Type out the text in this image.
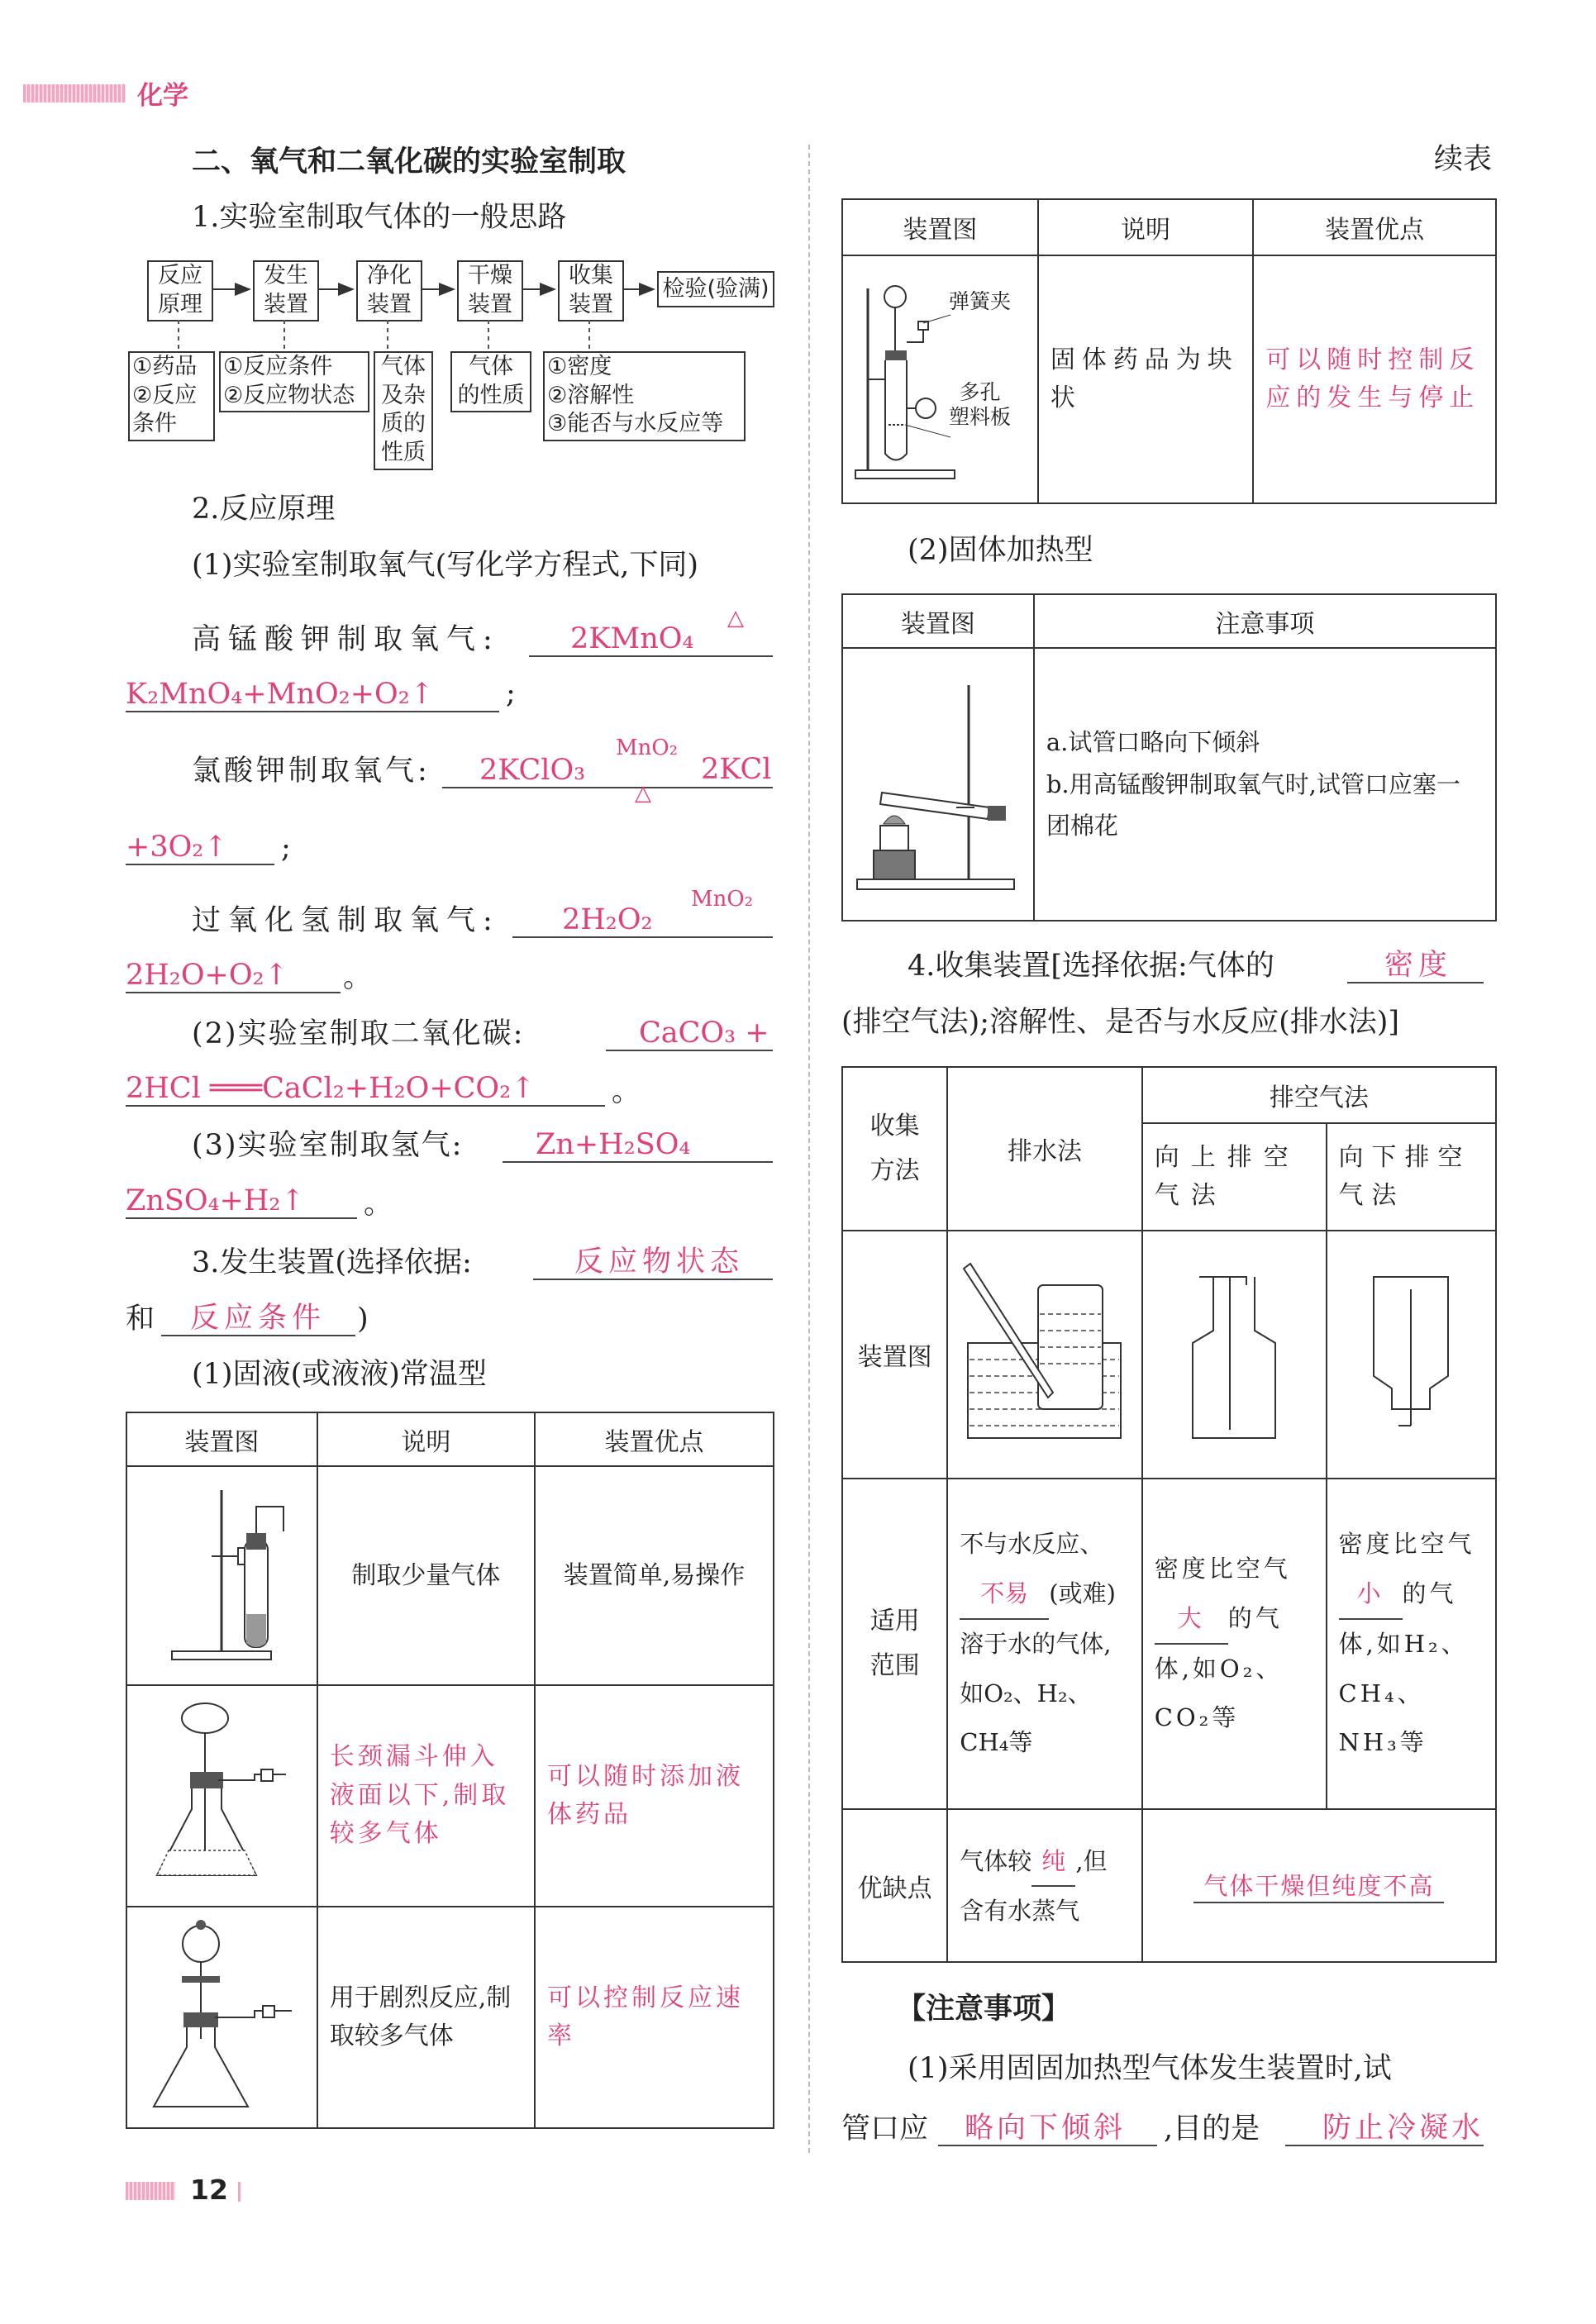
化学
二、氧气和二氧化碳的实验室制取
1.实验室制取气体的一般思路
反应
原理
发生
装置
净化
装置
干燥
装置
收集
装置
检验(验满)
①药品
②反应
条件
①反应条件
②反应物状态
气体
及杂
质的
性质
气体
的性质
①密度
②溶解性
③能否与水反应等
2.反应原理
(1)实验室制取氧气(写化学方程式,下同)
高锰酸钾制取氧气:	2KMnO₄
△
K₂MnO₄+MnO₂+O₂↑	;
氯酸钾制取氧气:	2KClO₃
MnO₂
△
2KCl
+3O₂↑	;
过氧化氢制取氧气:	2H₂O₂
MnO₂
2H₂O+O₂↑	。
(2)实验室制取二氧化碳:	CaCO₃ +
2HCl ═══CaCl₂+H₂O+CO₂↑	。
(3)实验室制取氢气:	Zn+H₂SO₄
ZnSO₄+H₂↑	。
3.发生装置(选择依据:	反应物状态
和	反应条件	)
(1)固液(或液液)常温型
装置图	说明	装置优点
	制取少量气体	装置简单,易操作
	长颈漏斗伸入液面以下,制取较多气体	可以随时添加液体药品
	用于剧烈反应,制取较多气体	可以控制反应速率
12
续表
装置图	说明	装置优点

弹簧夹
多孔
塑料板	固体药品为块状	可以随时控制反应的发生与停止
(2)固体加热型
装置图	注意事项

a.试管口略向下倾斜
b.用高锰酸钾制取氧气时,试管口应塞一团棉花
4.收集装置[选择依据:气体的	密度
(排空气法);溶解性、是否与水反应(排水法)]
收集方法	排水法	排空气法	
		向上排空气法	向下排空气法
装置图			
适用范围	不与水反应、 不易 (或难)溶于水的气体,如O₂、H₂、CH₄等	密度比空气 大 的气体,如O₂、CO₂等	密度比空气 小 的气体,如H₂、CH₄、NH₃等
优缺点	气体较 纯 ,但含有水蒸气	气体干燥但纯度不高	
【注意事项】
(1)采用固固加热型气体发生装置时,试
管口应	略向下倾斜	,目的是	防止冷凝水
